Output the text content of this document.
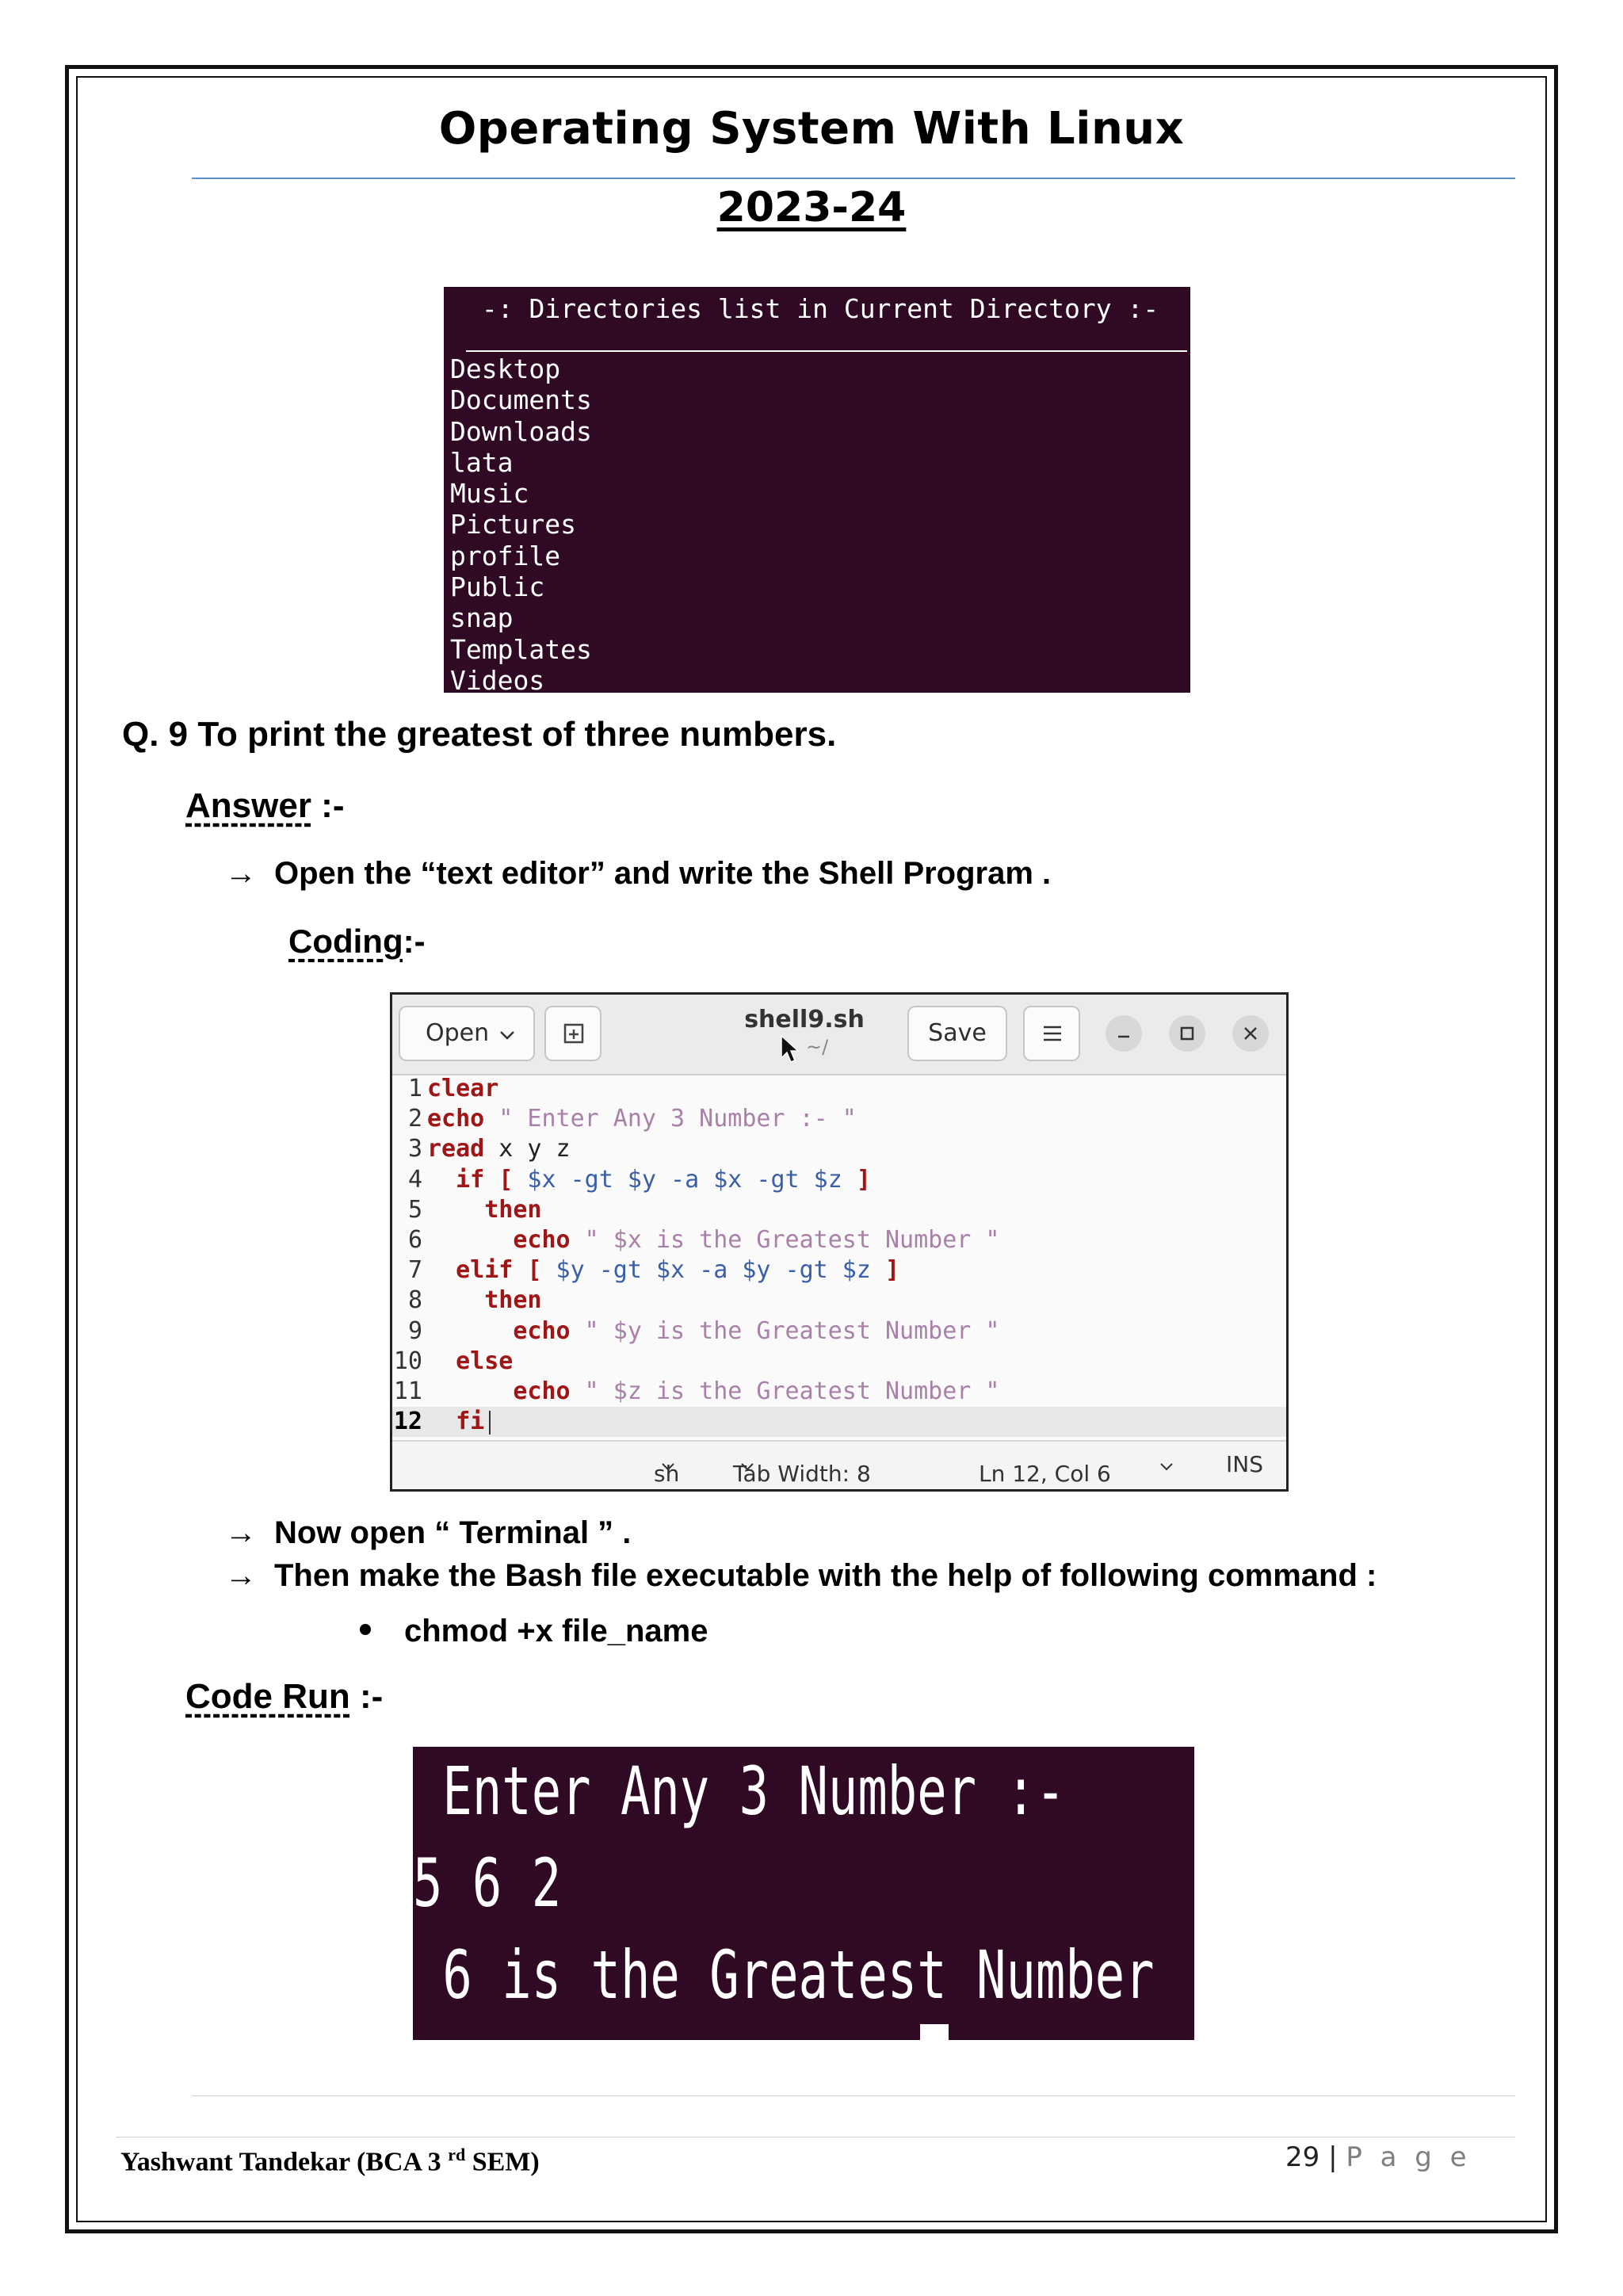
Operating System With Linux
2023-24
-: Directories list in Current Directory :-
Desktop
Documents
Downloads
lata
Music
Pictures
profile
Public
snap
Templates
Videos
Q. 9 To print the greatest of three numbers.
Answer :-
→ Open the “text editor” and write the Shell Program .
Coding:-
Open	shell9.sh
~/	Save
1 clear
2 echo " Enter Any 3 Number :- "
3 read x y z
4 if [ $x -gt $y -a $x -gt $z ]
5	then
6	echo " $x is the Greatest Number "
7 elif [ $y -gt $x -a $y -gt $z ]
8	then
9	echo " $y is the Greatest Number "
10 else
11	echo " $z is the Greatest Number "
12 fi
sh
Tab Width: 8
	Ln 12, Col 6	INS
→ Now open “ Terminal ” .
→ Then make the Bash file executable with the help of following command :
chmod +x file_name
Code Run :-
Enter Any 3 Number :-
5 6 2
6 is the Greatest Number
Yashwant Tandekar (BCA 3 $^{rd}$ SEM)	29 | P a g e
